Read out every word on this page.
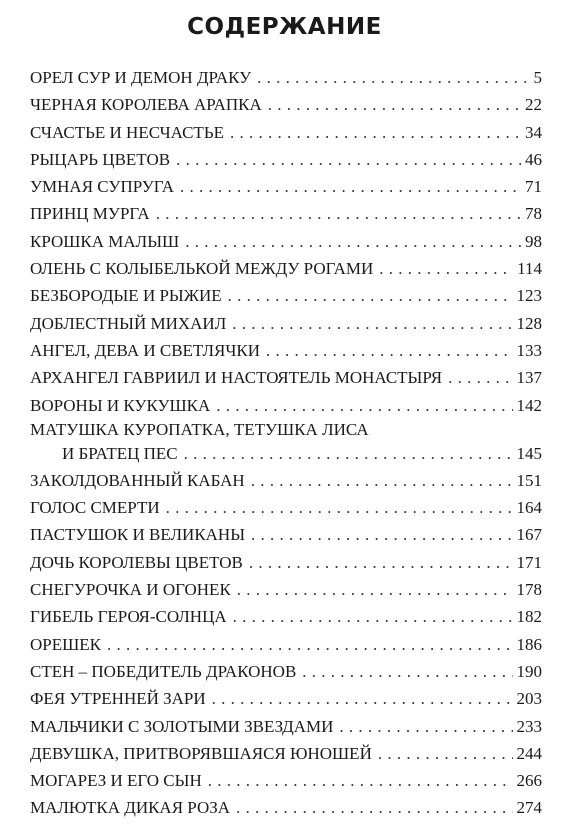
СОДЕРЖАНИЕ
ОРЕЛ СУР И ДЕМОН ДРАКУ . . .	5
ЧЕРНАЯ КОРОЛЕВА АРАПКА . . .	22
СЧАСТЬЕ И НЕСЧАСТЬЕ . . .	34
РЫЦАРЬ ЦВЕТОВ . . .	46
УМНАЯ СУПРУГА . . .	71
ПРИНЦ МУРГА . . .	78
КРОШКА МАЛЫШ . . .	98
ОЛЕНЬ С КОЛЫБЕЛЬКОЙ МЕЖДУ РОГАМИ . . .	114
БЕЗБОРОДЫЕ И РЫЖИЕ . . .	123
ДОБЛЕСТНЫЙ МИХАИЛ . . .	128
АНГЕЛ, ДЕВА И СВЕТЛЯЧКИ . . .	133
АРХАНГЕЛ ГАВРИИЛ И НАСТОЯТЕЛЬ МОНАСТЫРЯ . . .	137
ВОРОНЫ И КУКУШКА . . .	142
МАТУШКА КУРОПАТКА, ТЕТУШКА ЛИСА
И БРАТЕЦ ПЕС . . .	145
ЗАКОЛДОВАННЫЙ КАБАН . . .	151
ГОЛОС СМЕРТИ . . .	164
ПАСТУШОК И ВЕЛИКАНЫ . . .	167
ДОЧЬ КОРОЛЕВЫ ЦВЕТОВ . . .	171
СНЕГУРОЧКА И ОГОНЕК . . .	178
ГИБЕЛЬ ГЕРОЯ-СОЛНЦА . . .	182
ОРЕШЕК . . .	186
СТЕН – ПОБЕДИТЕЛЬ ДРАКОНОВ . . .	190
ФЕЯ УТРЕННЕЙ ЗАРИ . . .	203
МАЛЬЧИКИ С ЗОЛОТЫМИ ЗВЕЗДАМИ . . .	233
ДЕВУШКА, ПРИТВОРЯВШАЯСЯ ЮНОШЕЙ . . .	244
МОГАРЕЗ И ЕГО СЫН . . .	266
МАЛЮТКА ДИКАЯ РОЗА . . .	274
